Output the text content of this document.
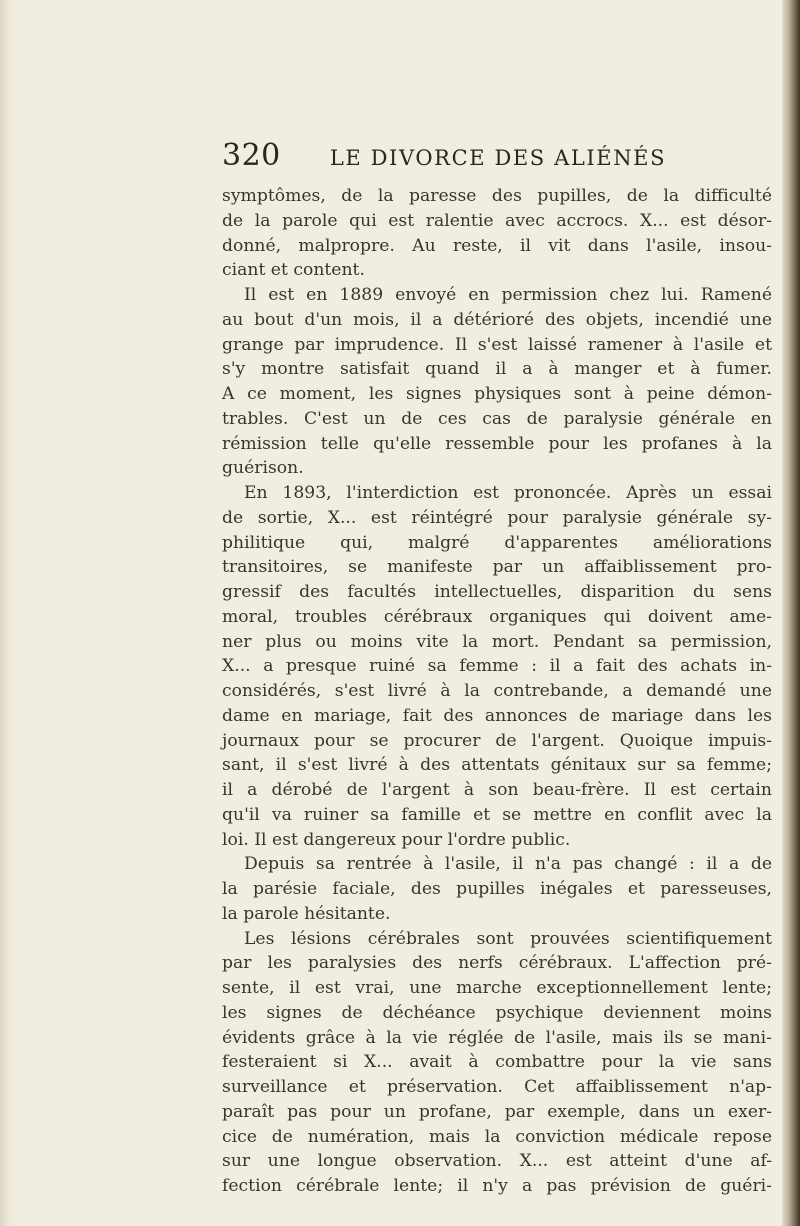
320 LE DIVORCE DES ALIÉNÉS
symptômes, de la paresse des pupilles, de la difficulté
de la parole qui est ralentie avec accrocs. X... est désor-
donné, malpropre. Au reste, il vit dans l'asile, insou-
ciant et content.
Il est en 1889 envoyé en permission chez lui. Ramené
au bout d'un mois, il a détérioré des objets, incendié une
grange par imprudence. Il s'est laissé ramener à l'asile et
s'y montre satisfait quand il a à manger et à fumer.
A ce moment, les signes physiques sont à peine démon-
trables. C'est un de ces cas de paralysie générale en
rémission telle qu'elle ressemble pour les profanes à la
guérison.
En 1893, l'interdiction est prononcée. Après un essai
de sortie, X... est réintégré pour paralysie générale sy-
philitique qui, malgré d'apparentes améliorations
transitoires, se manifeste par un affaiblissement pro-
gressif des facultés intellectuelles, disparition du sens
moral, troubles cérébraux organiques qui doivent ame-
ner plus ou moins vite la mort. Pendant sa permission,
X... a presque ruiné sa femme : il a fait des achats in-
considérés, s'est livré à la contrebande, a demandé une
dame en mariage, fait des annonces de mariage dans les
journaux pour se procurer de l'argent. Quoique impuis-
sant, il s'est livré à des attentats génitaux sur sa femme;
il a dérobé de l'argent à son beau-frère. Il est certain
qu'il va ruiner sa famille et se mettre en conflit avec la
loi. Il est dangereux pour l'ordre public.
Depuis sa rentrée à l'asile, il n'a pas changé : il a de
la parésie faciale, des pupilles inégales et paresseuses,
la parole hésitante.
Les lésions cérébrales sont prouvées scientifiquement
par les paralysies des nerfs cérébraux. L'affection pré-
sente, il est vrai, une marche exceptionnellement lente;
les signes de déchéance psychique deviennent moins
évidents grâce à la vie réglée de l'asile, mais ils se mani-
festeraient si X... avait à combattre pour la vie sans
surveillance et préservation. Cet affaiblissement n'ap-
paraît pas pour un profane, par exemple, dans un exer-
cice de numération, mais la conviction médicale repose
sur une longue observation. X... est atteint d'une af-
fection cérébrale lente; il n'y a pas prévision de guéri-
